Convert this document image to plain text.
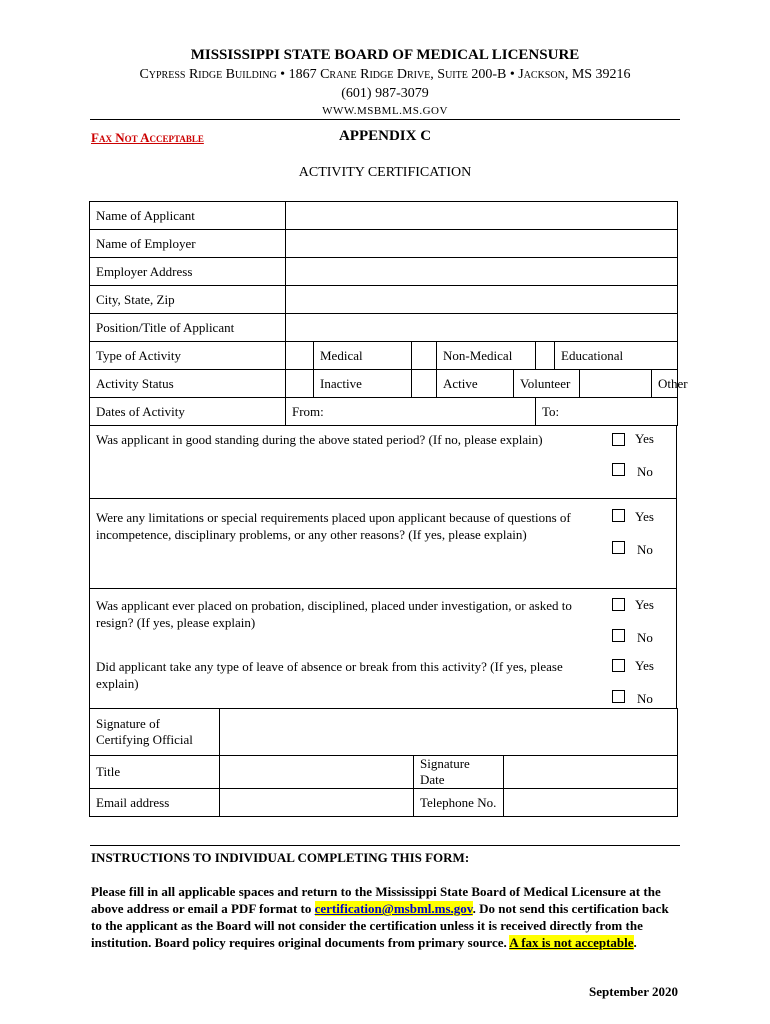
MISSISSIPPI STATE BOARD OF MEDICAL LICENSURE
Cypress Ridge Building • 1867 Crane Ridge Drive, Suite 200-B • Jackson, MS 39216
(601) 987-3079
WWW.MSBML.MS.GOV
Fax Not Acceptable	APPENDIX C
ACTIVITY CERTIFICATION
Name of Applicant									
Name of Employer									
Employer Address									
City, State, Zip									
Position/Title of Applicant									
Type of Activity		Medical		Non-Medical			Educational		
Activity Status		Inactive		Active	Volunteer				Other
Dates of Activity	From:					To:			
Was applicant in good standing during the above stated period? (If no, please explain)	Yes
No
Were any limitations or special requirements placed upon applicant because of questions of incompetence, disciplinary problems, or any other reasons? (If yes, please explain)
Yes
No
Was applicant ever placed on probation, disciplined, placed under investigation, or asked to resign? (If yes, please explain)
Yes
No
Did applicant take any type of leave of absence or break from this activity? (If yes, please explain)
Yes
No
Signature of Certifying Official			
Title		Signature Date	
Email address		Telephone No.	
INSTRUCTIONS TO INDIVIDUAL COMPLETING THIS FORM:
Please fill in all applicable spaces and return to the Mississippi State Board of Medical Licensure at the above address or email a PDF format to certification@msbml.ms.gov. Do not send this certification back to the applicant as the Board will not consider the certification unless it is received directly from the institution. Board policy requires original documents from primary source. A fax is not acceptable.
September 2020
